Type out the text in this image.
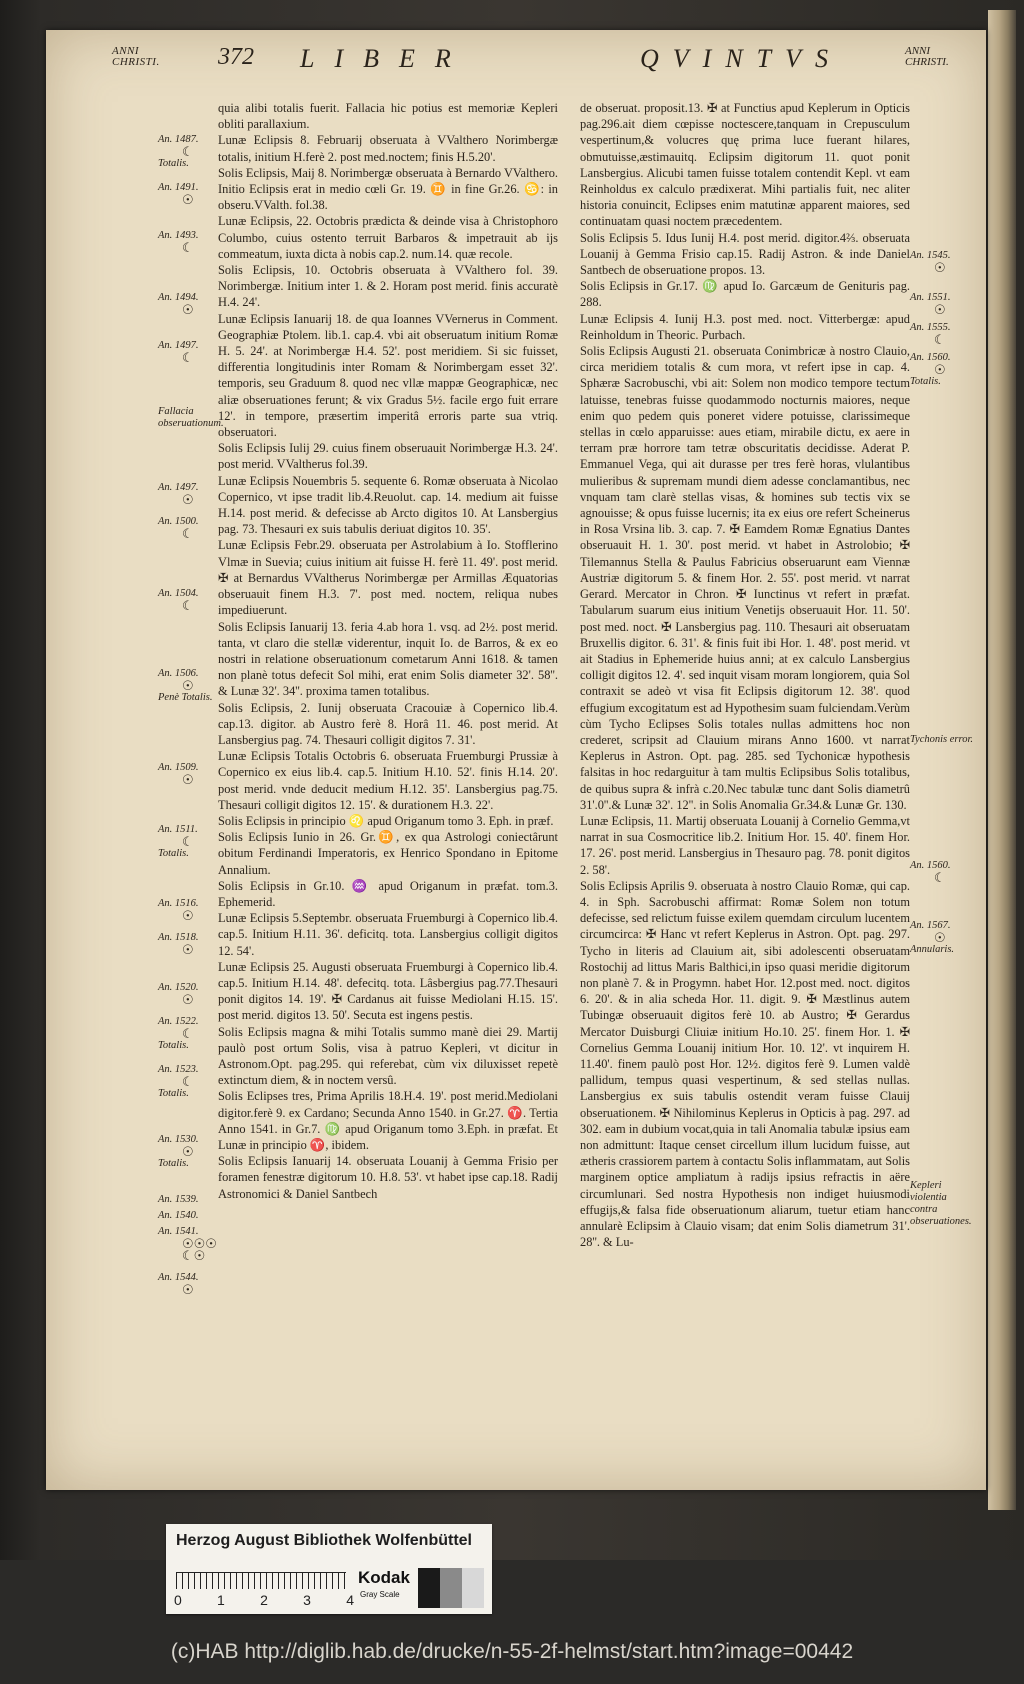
ANNI CHRISTI.	372 LIBER	QVINTVS	ANNI CHRISTI.

quia alibi totalis fuerit. Fallacia hic potius est memoriæ Kepleri obliti parallaxium.

Lunæ Eclipsis 8. Februarij obseruata à VValthero Norimbergæ totalis, initium H.ferè 2. post med.noctem; finis H.5.20'.

Solis Eclipsis, Maij 8. Norimbergæ obseruata à Bernardo VValthero. Initio Eclipsis erat in medio cœli Gr. 19. ♊ in fine Gr.26. ♋: in obseru.VValth. fol.38.

Lunæ Eclipsis, 22. Octobris prædicta & deinde visa à Christophoro Columbo, cuius ostento terruit Barbaros & impetrauit ab ijs commeatum, iuxta dicta à nobis cap.2. num.14. quæ recole.

Solis Eclipsis, 10. Octobris obseruata à VValthero fol. 39. Norimbergæ. Initium inter 1. & 2. Horam post merid. finis accuratè H.4. 24'.

Lunæ Eclipsis Ianuarij 18. de qua Ioannes VVernerus in Comment. Geographiæ Ptolem. lib.1. cap.4. vbi ait obseruatum initium Romæ H. 5. 24'. at Norimbergæ H.4. 52'. post meridiem. Si sic fuisset, differentia longitudinis inter Romam & Norimbergam esset 32'. temporis, seu Graduum 8. quod nec vllæ mappæ Geographicæ, nec aliæ obseruationes ferunt; & vix Gradus 5½. facile ergo fuit errare 12'. in tempore, præsertim imperitâ erroris parte sua vtriq. obseruatori.

Solis Eclipsis Iulij 29. cuius finem obseruauit Norimbergæ H.3. 24'. post merid. VValtherus fol.39.

Lunæ Eclipsis Nouembris 5. sequente 6. Romæ obseruata à Nicolao Copernico, vt ipse tradit lib.4.Reuolut. cap. 14. medium ait fuisse H.14. post merid. & defecisse ab Arcto digitos 10. At Lansbergius pag. 73. Thesauri ex suis tabulis deriuat digitos 10. 35'.

Lunæ Eclipsis Febr.29. obseruata per Astrolabium à Io. Stofflerino Vlmæ in Suevia; cuius initium ait fuisse H. ferè 11. 49'. post merid. ✠ at Bernardus VValtherus Norimbergæ per Armillas Æquatorias obseruauit finem H.3. 7'. post med. noctem, reliqua nubes impediuerunt.

Solis Eclipsis Ianuarij 13. feria 4.ab hora 1. vsq. ad 2½. post merid. tanta, vt claro die stellæ viderentur, inquit Io. de Barros, & ex eo nostri in relatione obseruationum cometarum Anni 1618. & tamen non planè totus defecit Sol mihi, erat enim Solis diameter 32'. 58''. & Lunæ 32'. 34''. proxima tamen totalibus.

Solis Eclipsis, 2. Iunij obseruata Cracouiæ à Copernico lib.4. cap.13. digitor. ab Austro ferè 8. Horâ 11. 46. post merid. At Lansbergius pag. 74. Thesauri colligit digitos 7. 31'.

Lunæ Eclipsis Totalis Octobris 6. obseruata Fruemburgi Prussiæ à Copernico ex eius lib.4. cap.5. Initium H.10. 52'. finis H.14. 20'. post merid. vnde deducit medium H.12. 35'. Lansbergius pag.75. Thesauri colligit digitos 12. 15'. & durationem H.3. 22'.

Solis Eclipsis in principio ♌ apud Origanum tomo 3. Eph. in præf.

Solis Eclipsis Iunio in 26. Gr.♊, ex qua Astrologi coniectârunt obitum Ferdinandi Imperatoris, ex Henrico Spondano in Epitome Annalium.

Solis Eclipsis in Gr.10. ♒ apud Origanum in præfat. tom.3. Ephemerid.

Lunæ Eclipsis 5.Septembr. obseruata Fruemburgi à Copernico lib.4. cap.5. Initium H.11. 36'. deficitq. tota. Lansbergius colligit digitos 12. 54'.

Lunæ Eclipsis 25. Augusti obseruata Fruemburgi à Copernico lib.4. cap.5. Initium H.14. 48'. defecitq. tota. Lâsbergius pag.77.Thesauri ponit digitos 14. 19'. ✠ Cardanus ait fuisse Mediolani H.15. 15'. post merid. digitos 13. 50'. Secuta est ingens pestis.

Solis Eclipsis magna & mihi Totalis summo manè diei 29. Martij paulò post ortum Solis, visa à patruo Kepleri, vt dicitur in Astronom.Opt. pag.295. qui referebat, cùm vix diluxisset repetè extinctum diem, & in noctem versû.

Solis Eclipses tres, Prima Aprilis 18.H.4. 19'. post merid.Mediolani digitor.ferè 9. ex Cardano; Secunda Anno 1540. in Gr.27. ♈. Tertia Anno 1541. in Gr.7. ♍ apud Origanum tomo 3.Eph. in præfat. Et Lunæ in principio ♈, ibidem.

Solis Eclipsis Ianuarij 14. obseruata Louanij à Gemma Frisio per foramen fenestræ digitorum 10. H.8. 53'. vt habet ipse cap.18. Radij Astronomici & Daniel Santbech

de obseruat. proposit.13. ✠ at Functius apud Keplerum in Opticis pag.296.ait diem cœpisse noctescere,tanquam in Crepusculum vespertinum,& volucres quę prima luce fuerant hilares, obmutuisse,æstimauitq. Eclipsim digitorum 11. quot ponit Lansbergius. Alicubi tamen fuisse totalem contendit Kepl. vt eam Reinholdus ex calculo prædixerat. Mihi partialis fuit, nec aliter historia conuincit, Eclipses enim matutinæ apparent maiores, sed continuatam quasi noctem præcedentem.

Solis Eclipsis 5. Idus Iunij H.4. post merid. digitor.4⅔. obseruata Louanij à Gemma Frisio cap.15. Radij Astron. & inde Daniel Santbech de obseruatione propos. 13.

Solis Eclipsis in Gr.17. ♍ apud Io. Garcæum de Genituris pag. 288.

Lunæ Eclipsis 4. Iunij H.3. post med. noct. Vitterbergæ: apud Reinholdum in Theoric. Purbach.

Solis Eclipsis Augusti 21. obseruata Conimbricæ à nostro Clauio, circa meridiem totalis & cum mora, vt refert ipse in cap. 4. Sphæræ Sacrobuschi, vbi ait: Solem non modico tempore tectum latuisse, tenebras fuisse quodammodo nocturnis maiores, neque enim quo pedem quis poneret videre potuisse, clarissimeque stellas in cœlo apparuisse: aues etiam, mirabile dictu, ex aere in terram præ horrore tam tetræ obscuritatis decidisse. Aderat P. Emmanuel Vega, qui ait durasse per tres ferè horas, vlulantibus mulieribus & supremam mundi diem adesse conclamantibus, nec vnquam tam clarè stellas visas, & homines sub tectis vix se agnouisse; & opus fuisse lucernis; ita ex eius ore refert Scheinerus in Rosa Vrsina lib. 3. cap. 7. ✠ Eamdem Romæ Egnatius Dantes obseruauit H. 1. 30'. post merid. vt habet in Astrolobio; ✠ Tilemannus Stella & Paulus Fabricius obseruarunt eam Viennæ Austriæ digitorum 5. & finem Hor. 2. 55'. post merid. vt narrat Gerard. Mercator in Chron. ✠ Iunctinus vt refert in præfat. Tabularum suarum eius initium Venetijs obseruauit Hor. 11. 50'. post med. noct. ✠ Lansbergius pag. 110. Thesauri ait obseruatam Bruxellis digitor. 6. 31'. & finis fuit ibi Hor. 1. 48'. post merid. vt ait Stadius in Ephemeride huius anni; at ex calculo Lansbergius colligit digitos 12. 4'. sed inquit visam moram longiorem, quia Sol contraxit se adeò vt visa fit Eclipsis digitorum 12. 38'. quod effugium excogitatum est ad Hypothesim suam fulciendam.Verùm cùm Tycho Eclipses Solis totales nullas admittens hoc non crederet, scripsit ad Clauium mirans Anno 1600. vt narrat Keplerus in Astron. Opt. pag. 285. sed Tychonicæ hypothesis falsitas in hoc redarguitur à tam multis Eclipsibus Solis totalibus, de quibus supra & infrà c.20.Nec tabulæ tunc dant Solis diametrû 31'.0''.& Lunæ 32'. 12''. in Solis Anomalia Gr.34.& Lunæ Gr. 130.

Lunæ Eclipsis, 11. Martij obseruata Louanij à Cornelio Gemma,vt narrat in sua Cosmocritice lib.2. Initium Hor. 15. 40'. finem Hor. 17. 26'. post merid. Lansbergius in Thesauro pag. 78. ponit digitos 2. 58'.

Solis Eclipsis Aprilis 9. obseruata à nostro Clauio Romæ, qui cap. 4. in Sph. Sacrobuschi affirmat: Romæ Solem non totum defecisse, sed relictum fuisse exilem quemdam circulum lucentem circumcirca: ✠ Hanc vt refert Keplerus in Astron. Opt. pag. 297. Tycho in literis ad Clauium ait, sibi adolescenti obseruatam Rostochij ad littus Maris Balthici,in ipso quasi meridie digitorum non planè 7. & in Progymn. habet Hor. 12.post med. noct. digitos 6. 20'. & in alia scheda Hor. 11. digit. 9. ✠ Mæstlinus autem Tubingæ obseruauit digitos ferè 10. ab Austro; ✠ Gerardus Mercator Duisburgi Cliuiæ initium Ho.10. 25'. finem Hor. 1. ✠ Cornelius Gemma Louanij initium Hor. 10. 12'. vt inquirem H. 11.40'. finem paulò post Hor. 12½. digitos ferè 9. Lumen valdè pallidum, tempus quasi vespertinum, & sed stellas nullas. Lansbergius ex suis tabulis ostendit veram fuisse Clauij obseruationem. ✠ Nihilominus Keplerus in Opticis à pag. 297. ad 302. eam in dubium vocat,quia in tali Anomalia tabulæ ipsius eam non admittunt: Itaque censet circellum illum lucidum fuisse, aut ætheris crassiorem partem à contactu Solis inflammatam, aut Solis marginem optice ampliatum à radijs ipsius refractis in aëre circumlunari. Sed nostra Hypothesis non indiget huiusmodi effugijs,& falsa fide obseruationum aliarum, tuetur etiam hanc annularè Eclipsim à Clauio visam; dat enim Solis diametrum 31'. 28''. & Lu-

An. 1487.
☾
Totalis.
An. 1491.
☉
An. 1493.
☾
An. 1494.
☉
An. 1497.
☾
Fallacia obseruationum.
An. 1497.
☉
An. 1500.
☾
An. 1504.
☾
An. 1506.
☉
Penè Totalis.
An. 1509.
☉
An. 1511.
☾
Totalis.
An. 1516.
☉
An. 1518.
☉
An. 1520.
☉
An. 1522.
☾
Totalis.
An. 1523.
☾
Totalis.
An. 1530.
☉
Totalis.
An. 1539.
An. 1540.
An. 1541.
☉☉☉ ☾☉
An. 1544.
☉
An. 1545.
☉
An. 1551.
☉
An. 1555.
☾
An. 1560.
☉
Totalis.
Tychonis error.
An. 1560.
☾
An. 1567.
☉
Annularis.
Kepleri violentia contra obseruationes.
Herzog August Bibliothek Wolfenbüttel
0	1	2	3	4
Kodak
Gray Scale
(c)HAB http://diglib.hab.de/drucke/n-55-2f-helmst/start.htm?image=00442
